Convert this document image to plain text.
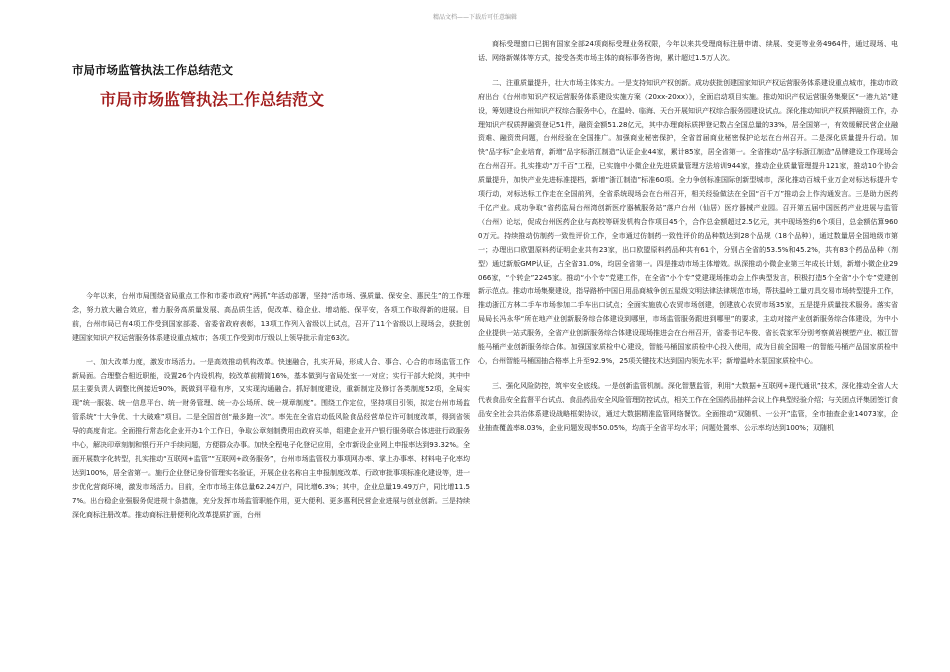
精品文档——下载后可任意编辑
市局市场监管执法工作总结范文
市局市场监管执法工作总结范文

今年以来，台州市局围绕省局重点工作和市委市政府“两抓”年活动部署，坚持“活市场、强质量、保安全、惠民生”的工作理念，努力放大融合效应，着力服务高质量发展、高品质生活，促改革、稳企业、增动能、保平安，各项工作取得新的进展。目前，台州市局已有4项工作受到国家部委、省委省政府表彰，13项工作列入省级以上试点，召开了11个省级以上现场会，获批创建国家知识产权运营服务体系建设重点城市；各项工作受到市厅级以上领导批示肯定63次。

一、加大改革力度，激发市场活力。一是高效推动机构改革。快速融合，扎实开局，形成人合、事合、心合的市场监管工作新局面。合理整合相近职能，设置26个内设机构，较改革前精简16%，基本做到与省局处室一一对应；实行干部大轮岗，其中中层主要负责人调整比例接近90%，既做到平稳有序，又实现沟通融合。抓好制度建设，重新制定及修订各类制度52项，全局实现“统一服装、统一信息平台、统一财务管理、统一办公场所、统一规章制度”。围绕工作定位，坚持项目引领，拟定台州市场监管系统“十大争优、十大破难”项目。二是全国首创“最多跑一次”。率先在全省启动低风险食品经营单位许可制度改革，得到省领导的高度肯定。全面推行常态化企业开办1个工作日，争取公章刻制费用由政府买单，组建企业开户银行服务联合体进驻行政服务中心，解决印章刻制和银行开户手续问题，方便群众办事。加快全程电子化登记应用，全市新设企业网上申报率达到93.32%。全面开展数字化转型，扎实推动“互联网+监管”“互联网+政务服务”，台州市场监管权力事项网办率、掌上办事率、材料电子化率均达到100%，居全省第一。施行企业登记身份管理实名验证，开展企业名称自主申报制度改革、行政审批事项标准化建设等，进一步优化营商环境，激发市场活力。目前，全市市场主体总量62.24万户，同比增6.3%；其中，企业总量19.49万户，同比增11.57%。出台稳企业强服务促进规十条措施，充分发挥市场监管职能作用，更大便利、更多惠利民营企业进展与创业创新。三是持续深化商标注册改革。推动商标注册便利化改革提质扩面，台州

商标受理窗口已拥有国家全部24项商标受理业务权限，今年以来共受理商标注册申请、续展、变更等业务4964件，通过现场、电话、网络新媒体等方式，接受各类市场主体的商标事务咨询，累计超过1.5万人次。

二、注重质量提升，壮大市场主体实力。一是支持知识产权创新。成功获批创建国家知识产权运营服务体系建设重点城市，推动市政府出台《台州市知识产权运营服务体系建设实施方案（20xx-20xx）》，全面启动项目实施。推动知识产权运营服务集聚区“一港九站”建设，筹划建设台州知识产权综合服务中心，在温岭、临海、天台开展知识产权综合服务园建设试点。深化推动知识产权质押融资工作，办理知识产权质押融资登记51件，融资金额51.28亿元，其中办理商标质押登记数占全国总量的33%，居全国第一，有效缓解民营企业融资难、融资贵问题，台州经验在全国推广。加强商业秘密保护，全省首届商业秘密保护论坛在台州召开。二是深化质量提升行动。加快“品字标”企业培育，新增“品字标浙江制造”认证企业44家，累计85家，居全省第一。全省推动“品字标浙江制造”品牌建设工作现场会在台州召开。扎实推动“万千百”工程，已实施中小微企业先进质量管理方法培训944家，推动企业质量管理提升121家，推动10个协会质量提升，加快产业先进标准提档，新增“浙江制造”标准60项。全力争创标准国际创新型城市，深化推动百城千业万企对标达标提升专项行动，对标达标工作走在全国前列，全省系统现场会在台州召开，相关经验做法在全国“百千万”推动会上作沟通发言。三是助力医药千亿产业。成功争取“省药监局台州湾创新医疗器械服务站”落户台州（仙居）医疗器械产业园。召开第五届中国医药产业进展与监管（台州）论坛，促成台州医药企业与高校等研发机构合作项目45个，合作总金额超过2.5亿元，其中现场签约6个项目，总金额估算9600万元。持续推动仿制药一致性评价工作，全市通过仿制药一致性评价的品种数达到28个品规（18个品种），通过数量居全国地级市第一；办理出口欧盟原料药证明企业共有23家，出口欧盟原料药品种共有61个，分别占全省的53.5%和45.2%，共有83个药品品种（剂型）通过新版GMP认证，占全省31.0%，均居全省第一。四是推动市场主体增效。纵深推动小微企业第三年成长计划，新增小微企业29066家，“个转企”2245家。推动“小个专”党建工作，在全省“小个专”党建现场推动会上作典型发言，积极打造5个全省“小个专”党建创新示范点。推动市场集聚建设，指导路桥中国日用品商城争创五星级文明法律法律规范市场，帮扶温岭工量刃具交易市场转型提升工作，推动浙江方林二手车市场参加二手车出口试点；全面实施放心农贸市场创建，创建放心农贸市场35家，五是提升质量技术服务。落实省局局长冯永华“所在地产业创新服务综合体建设到哪里，市场监管服务跟进到哪里”的要求，主动对接产业创新服务综合体建设，为中小企业提供一站式服务，全省产业创新服务综合体建设现场推进会在台州召开，省委书记车俊、省长袁家军分别考察黄岩模塑产业、椒江智能马桶产业创新服务综合体。加强国家质检中心建设，智能马桶国家质检中心投入使用，成为目前全国唯一的智能马桶产品国家质检中心，台州智能马桶国抽合格率上升至92.9%，25项关键技术达到国内领先水平；新增温岭水泵国家质检中心。

三、强化风险防控，筑牢安全底线。一是创新监管机制。深化智慧监管，利用“大数据+互联网+现代通讯”技术，深化推动全省人大代表食品安全监督平台试点、食品药品安全风险管理防控试点，相关工作在全国药品抽样会议上作典型经验介绍；与关团点评集团签订食品安全社会共治体系建设战略框架协议，通过大数据精准监管网络餐饮。全面推动“双随机、一公开”监管，全市抽查企业14073家，企业抽查覆盖率8.03%，企业问题发现率50.05%，均高于全省平均水平；问题处置率、公示率均达到100%；双随机
